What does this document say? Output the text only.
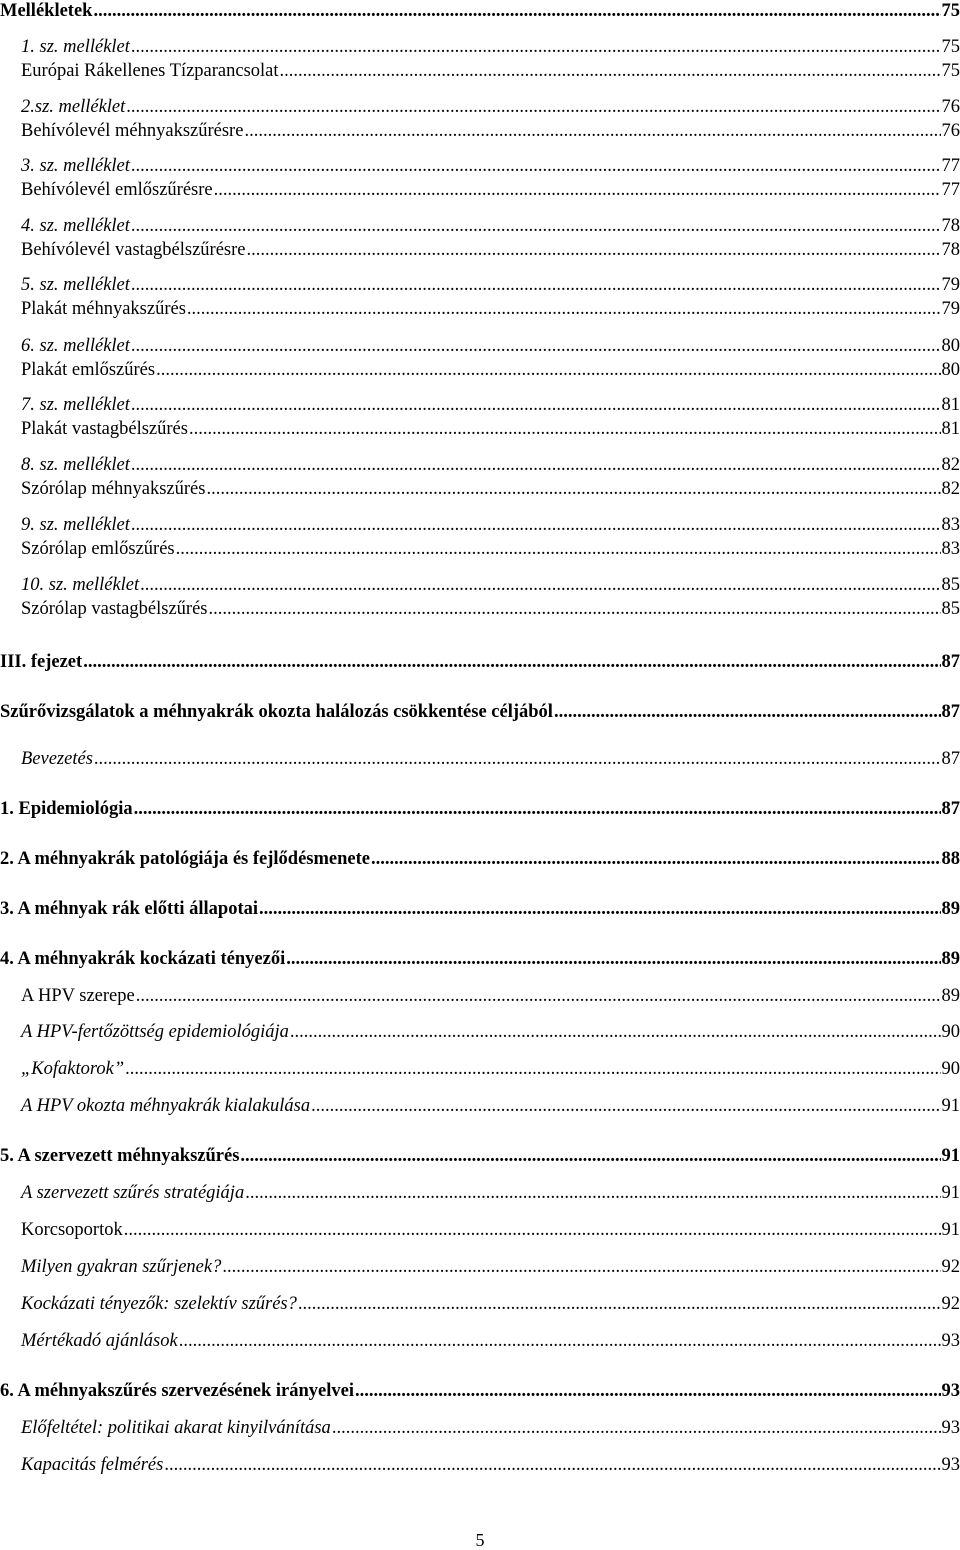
Mellékletek .....	75
1. sz. melléklet .....	75
Európai Rákellenes Tízparancsolat .....	75
2.sz. melléklet .....	76
Behívólevél méhnyakszűrésre .....	76
3. sz. melléklet .....	77
Behívólevél emlőszűrésre .....	77
4. sz. melléklet .....	78
Behívólevél vastagbélszűrésre .....	78
5. sz. melléklet .....	79
Plakát méhnyakszűrés .....	79
6. sz. melléklet .....	80
Plakát emlőszűrés .....	80
7. sz. melléklet .....	81
Plakát vastagbélszűrés .....	81
8. sz. melléklet .....	82
Szórólap méhnyakszűrés .....	82
9. sz. melléklet .....	83
Szórólap emlőszűrés .....	83
10. sz. melléklet .....	85
Szórólap vastagbélszűrés .....	85
III. fejezet .....	87
Szűrővizsgálatok a méhnyakrák okozta halálozás csökkentése céljából .....	87
Bevezetés .....	87
1. Epidemiológia .....	87
2. A méhnyakrák patológiája és fejlődésmenete .....	88
3. A méhnyak rák előtti állapotai .....	89
4. A méhnyakrák kockázati tényezői .....	89
A HPV szerepe .....	89
A HPV-fertőzöttség epidemiológiája .....	90
„Kofaktorok” .....	90
A HPV okozta méhnyakrák kialakulása .....	91
5. A szervezett méhnyakszűrés .....	91
A szervezett szűrés stratégiája .....	91
Korcsoportok .....	91
Milyen gyakran szűrjenek? .....	92
Kockázati tényezők: szelektív szűrés? .....	92
Mértékadó ajánlások .....	93
6. A méhnyakszűrés szervezésének irányelvei .....	93
Előfeltétel: politikai akarat kinyilvánítása .....	93
Kapacitás felmérés .....	93
5
